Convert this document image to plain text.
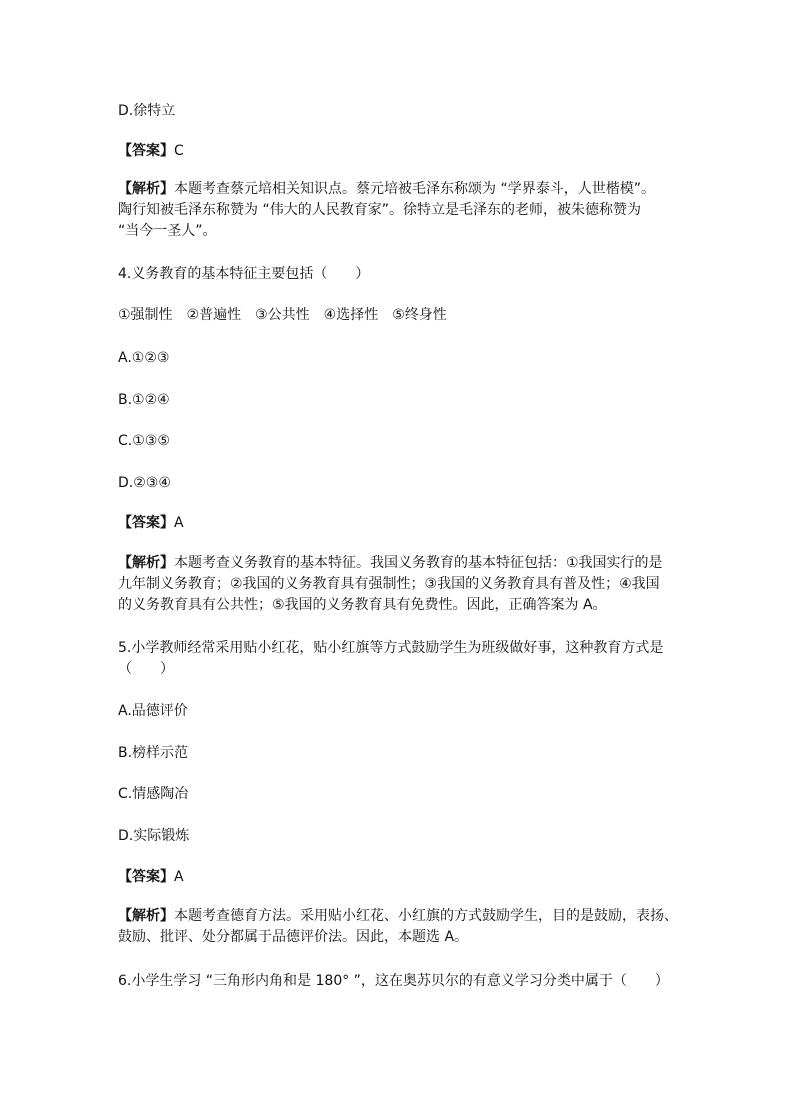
D.徐特立
【答案】C
【解析】本题考查蔡元培相关知识点。蔡元培被毛泽东称颂为 “学界泰斗，人世楷模”。
陶行知被毛泽东称赞为 “伟大的人民教育家”。徐特立是毛泽东的老师，被朱德称赞为
“当今一圣人”。
4.义务教育的基本特征主要包括（　　）
①强制性　②普遍性　③公共性　④选择性　⑤终身性
A.①②③
B.①②④
C.①③⑤
D.②③④
【答案】A
【解析】本题考查义务教育的基本特征。我国义务教育的基本特征包括：①我国实行的是
九年制义务教育；②我国的义务教育具有强制性；③我国的义务教育具有普及性；④我国
的义务教育具有公共性；⑤我国的义务教育具有免费性。因此，正确答案为 A。
5.小学教师经常采用贴小红花，贴小红旗等方式鼓励学生为班级做好事，这种教育方式是
（　　）
A.品德评价
B.榜样示范
C.情感陶冶
D.实际锻炼
【答案】A
【解析】本题考查德育方法。采用贴小红花、小红旗的方式鼓励学生，目的是鼓励，表扬、
鼓励、批评、处分都属于品德评价法。因此，本题选 A。
6.小学生学习 “三角形内角和是 180° ”，这在奥苏贝尔的有意义学习分类中属于（　　）
